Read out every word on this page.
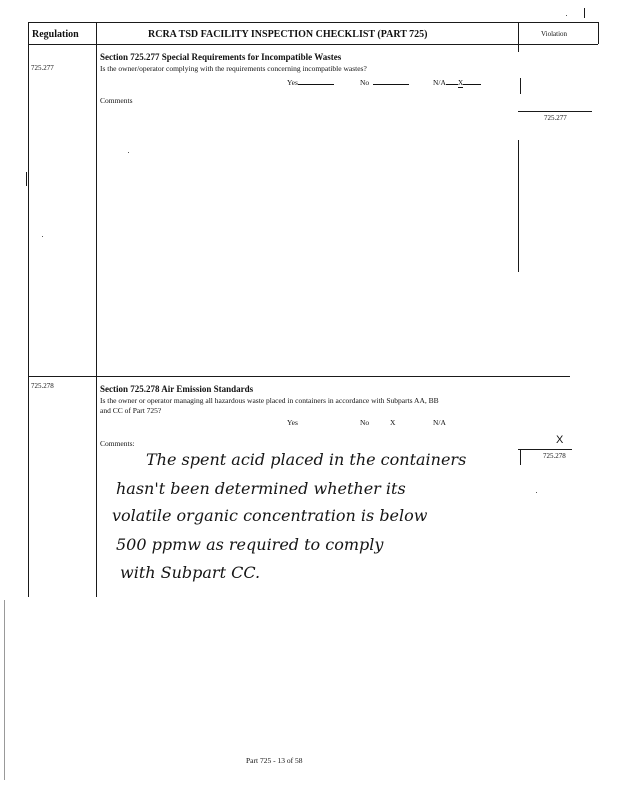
Regulation	RCRA TSD FACILITY INSPECTION CHECKLIST (PART 725)	Violation
725.277
Section 725.277 Special Requirements for Incompatible Wastes
Is the owner/operator complying with the requirements concerning incompatible wastes?
Yes	No	N/A X
Comments
725.277
725.278	Section 725.278 Air Emission Standards
Is the owner or operator managing all hazardous waste placed in containers in accordance with Subparts AA, BB
and CC of Part 725?
Yes	No	X	N/A
Comments:	X
725.278
The spent acid placed in the containers
hasn't been determined whether its
volatile organic concentration is below
500 ppmw as required to comply
with Subpart CC.
Part 725 - 13 of 58
